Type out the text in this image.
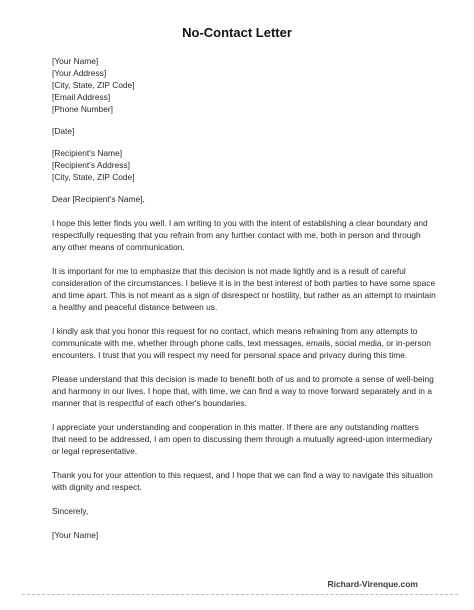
No-Contact Letter
[Your Name]
[Your Address]
[City, State, ZIP Code]
[Email Address]
[Phone Number]
[Date]
[Recipient's Name]
[Recipient's Address]
[City, State, ZIP Code]
Dear [Recipient's Name],
I hope this letter finds you well. I am writing to you with the intent of establishing a clear boundary and
respectfully requesting that you refrain from any further contact with me, both in person and through
any other means of communication.
It is important for me to emphasize that this decision is not made lightly and is a result of careful
consideration of the circumstances. I believe it is in the best interest of both parties to have some space
and time apart. This is not meant as a sign of disrespect or hostility, but rather as an attempt to maintain
a healthy and peaceful distance between us.
I kindly ask that you honor this request for no contact, which means refraining from any attempts to
communicate with me, whether through phone calls, text messages, emails, social media, or in-person
encounters. I trust that you will respect my need for personal space and privacy during this time.
Please understand that this decision is made to benefit both of us and to promote a sense of well-being
and harmony in our lives. I hope that, with time, we can find a way to move forward separately and in a
manner that is respectful of each other's boundaries.
I appreciate your understanding and cooperation in this matter. If there are any outstanding matters
that need to be addressed, I am open to discussing them through a mutually agreed-upon intermediary
or legal representative.
Thank you for your attention to this request, and I hope that we can find a way to navigate this situation
with dignity and respect.
Sincerely,
[Your Name]
Richard-Virenque.com
